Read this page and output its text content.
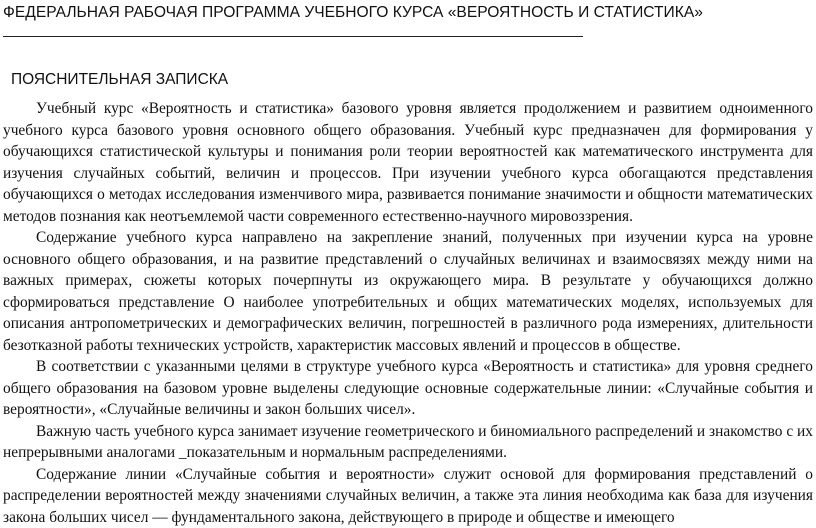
ФЕДЕРАЛЬНАЯ РАБОЧАЯ ПРОГРАММА УЧЕБНОГО КУРСА «ВЕРОЯТНОСТЬ И СТАТИСТИКА»
ПОЯСНИТЕЛЬНАЯ ЗАПИСКА

Учебный курс «Вероятность и статистика» базового уровня является продолжением и развитием одноименного учебного курса базового уровня основного общего образования. Учебный курс предназначен для формирования у обучающихся статистической культуры и понимания роли теории вероятностей как математического инструмента для изучения случайных событий, величин и процессов. При изучении учебного курса обогащаются представления обучающихся о методах исследования изменчивого мира, развивается понимание значимости и общности математических методов познания как неотъемлемой части современного естественно-научного мировоззрения.

Содержание учебного курса направлено на закрепление знаний, полученных при изучении курса на уровне основного общего образования, и на развитие представлений о случайных величинах и взаимосвязях между ними на важных примерах, сюжеты которых почерпнуты из окружающего мира. В результате у обучающихся должно сформироваться представление О наиболее употребительных и общих математических моделях, используемых для описания антропометрических и демографических величин, погрешностей в различного рода измерениях, длительности безотказной работы технических устройств, характеристик массовых явлений и процессов в обществе.

В соответствии с указанными целями в структуре учебного курса «Вероятность и статистика» для уровня среднего общего образования на базовом уровне выделены следующие основные содержательные линии: «Случайные события и вероятности», «Случайные величины и закон больших чисел».

Важную часть учебного курса занимает изучение геометрического и биномиального распределений и знакомство с их непрерывными аналогами _показательным и нормальным распределениями.

Содержание линии «Случайные события и вероятности» служит основой для формирования представлений о распределении вероятностей между значениями случайных величин, а также эта линия необходима как база для изучения закона больших чисел — фундаментального закона, действующего в природе и обществе и имеющего
